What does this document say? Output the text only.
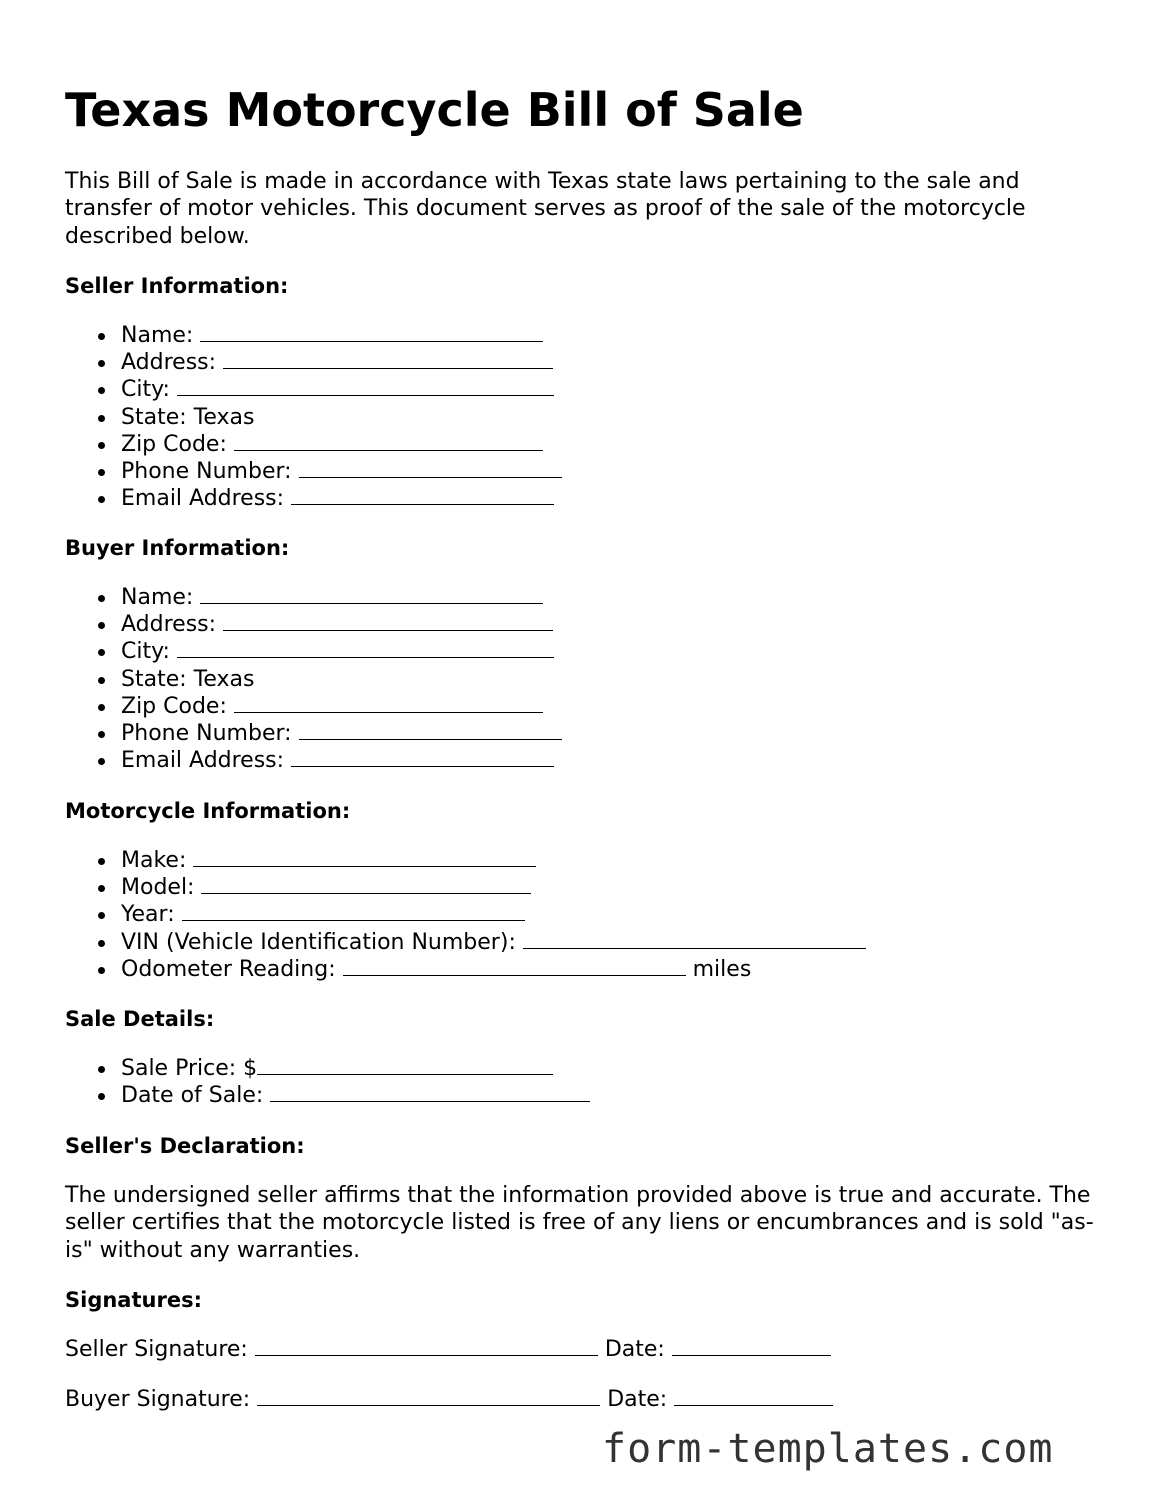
Texas Motorcycle Bill of Sale

This Bill of Sale is made in accordance with Texas state laws pertaining to the sale and transfer of motor vehicles. This document serves as proof of the sale of the motorcycle described below.

Seller Information:
Name:
Address:
City:
State: Texas
Zip Code:
Phone Number:
Email Address:
Buyer Information:
Name:
Address:
City:
State: Texas
Zip Code:
Phone Number:
Email Address:
Motorcycle Information:
Make:
Model:
Year:
VIN (Vehicle Identification Number):
Odometer Reading:	miles
Sale Details:
Sale Price: $
Date of Sale:
Seller's Declaration:

The undersigned seller affirms that the information provided above is true and accurate. The seller certifies that the motorcycle listed is free of any liens or encumbrances and is sold "as-is" without any warranties.

Signatures:
Seller Signature:	Date:
Buyer Signature:	Date:
form-templates.com
